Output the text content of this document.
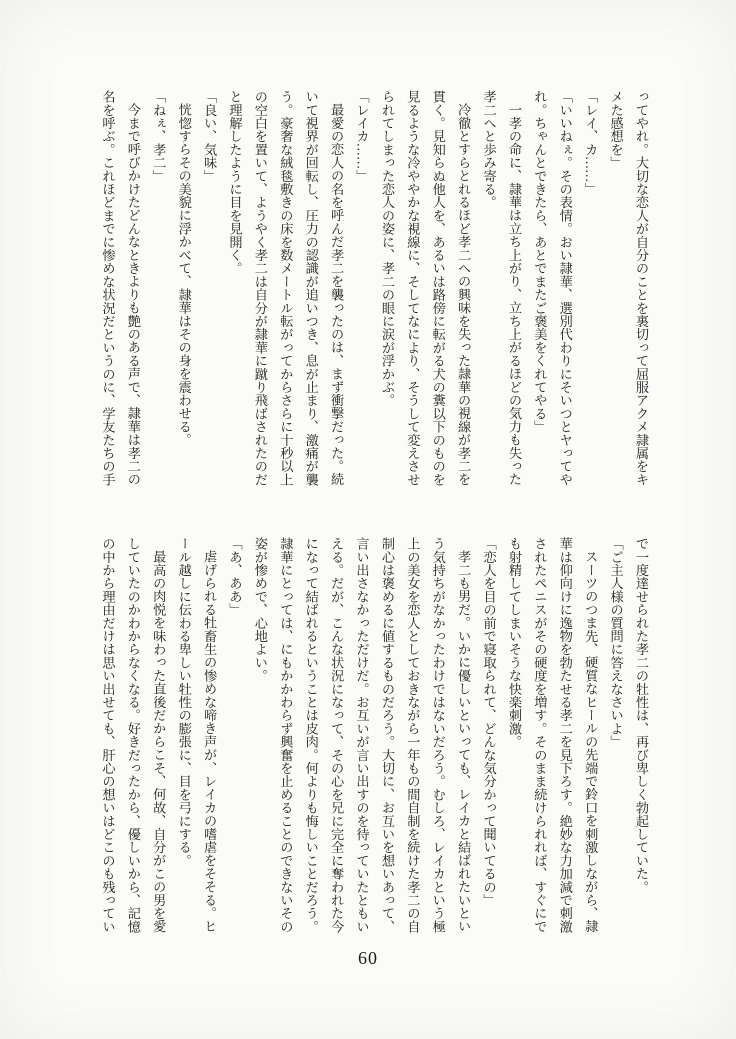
ってやれ。大切な恋人が自分のことを裏切って屈服アクメ隷属をキメた感想を」

「レイ、カ……」

「いいねぇ。その表情。おい隷華、選別代わりにそいつとヤってやれ。ちゃんとできたら、あとでまたご褒美をくれてやる」

一孝の命に、隷華は立ち上がり、立ち上がるほどの気力も失った孝二へと歩み寄る。

冷徹とすらとれるほど孝二への興味を失った隷華の視線が孝二を貫く。見知らぬ他人を、あるいは路傍に転がる犬の糞以下のものを見るような冷ややかな視線に、そしてなにより、そうして変えさせられてしまった恋人の姿に、孝二の眼に涙が浮かぶ。

「レイカ……」

最愛の恋人の名を呼んだ孝二を襲ったのは、まず衝撃だった。続いて視界が回転し、圧力の認識が追いつき、息が止まり、激痛が襲う。豪奢な絨毯敷きの床を数メートル転がってからさらに十秒以上の空白を置いて、ようやく孝二は自分が隷華に蹴り飛ばされたのだと理解したように目を見開く。

「良い、気味」

恍惚すらその美貌に浮かべて、隷華はその身を震わせる。

「ねぇ、孝二」

今まで呼びかけたどんなときよりも艶のある声で、隷華は孝二の名を呼ぶ。これほどまでに惨めな状況だというのに、学友たちの手

で一度達せられた孝二の牡性は、再び卑しく勃起していた。

「ご主人様の質問に答えなさいよ」

スーツのつま先、硬質なヒールの先端で鈴口を刺激しながら、隷華は仰向けに逸物を勃たせる孝二を見下ろす。絶妙な力加減で刺激されたペニスがその硬度を増す。そのまま続けられれば、すぐにでも射精してしまいそうな快楽刺激。

「恋人を目の前で寝取られて、どんな気分かって聞いてるの」

孝二も男だ。いかに優しいといっても、レイカと結ばれたいという気持ちがなかったわけではないだろう。むしろ、レイカという極上の美女を恋人としておきながら一年もの間自制を続けた孝二の自制心は褒めるに値するものだろう。大切に、お互いを想いあって、言い出さなかっただけだ。お互いが言い出すのを待っていたともいえる。だが、こんな状況になって、その心を兄に完全に奪われた今になって結ばれるということは皮肉。何よりも悔しいことだろう。隷華にとっては、にもかかわらず興奮を止めることのできないその姿が惨めで、心地よい。

「あ、ああ」

虐げられる牡畜生の惨めな啼き声が、レイカの嗜虐をそそる。ヒール越しに伝わる卑しい牡性の膨張に、目を弓にする。

最高の肉悦を味わった直後だからこそ、何故、自分がこの男を愛していたのかわからなくなる。好きだったから、優しいから、記憶の中から理由だけは思い出せても、肝心の想いはどこのも残ってい

60
